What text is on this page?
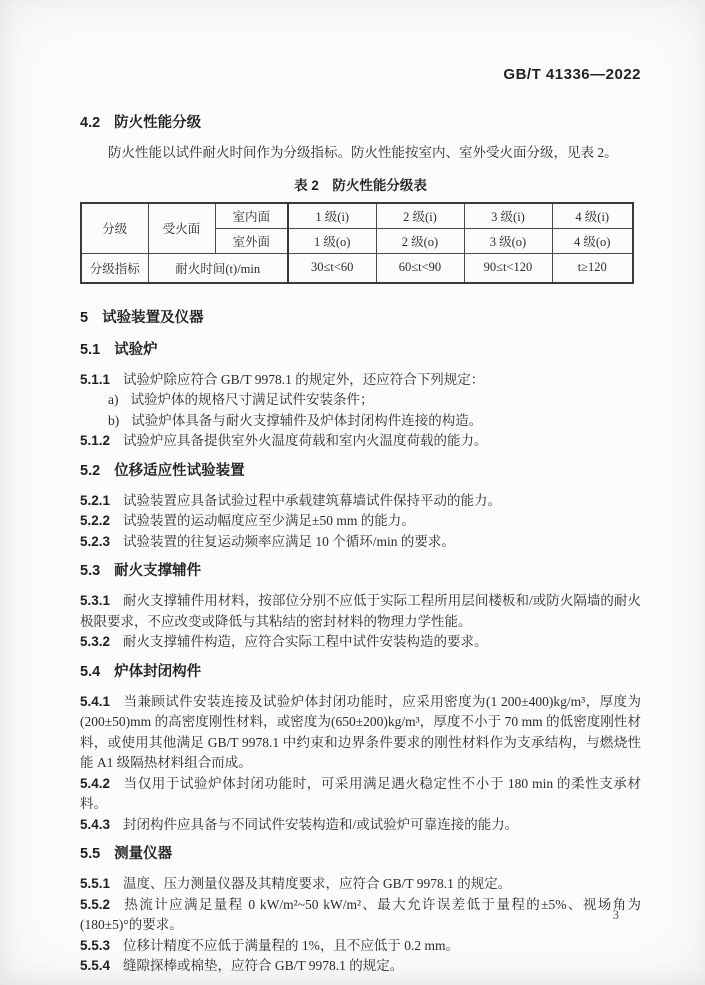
GB/T 41336—2022
4.2 防火性能分级

防火性能以试件耐火时间作为分级指标。防火性能按室内、室外受火面分级，见表 2。

表 2　防火性能分级表
分级	受火面	室内面	1 级(i)	2 级(i)	3 级(i)	4 级(i)
		室外面	1 级(o)	2 级(o)	3 级(o)	4 级(o)
分级指标	耐火时间(t)/min		30≤t<60	60≤t<90	90≤t<120	t≥120
5 试验装置及仪器
5.1 试验炉

5.1.1 试验炉除应符合 GB/T 9978.1 的规定外，还应符合下列规定：

a) 试验炉体的规格尺寸满足试件安装条件；

b) 试验炉体具备与耐火支撑辅件及炉体封闭构件连接的构造。

5.1.2 试验炉应具备提供室外火温度荷载和室内火温度荷载的能力。

5.2 位移适应性试验装置

5.2.1 试验装置应具备试验过程中承载建筑幕墙试件保持平动的能力。

5.2.2 试验装置的运动幅度应至少满足±50 mm 的能力。

5.2.3 试验装置的往复运动频率应满足 10 个循环/min 的要求。

5.3 耐火支撑辅件

5.3.1 耐火支撑辅件用材料，按部位分别不应低于实际工程所用层间楼板和/或防火隔墙的耐火极限要求，不应改变或降低与其粘结的密封材料的物理力学性能。

5.3.2 耐火支撑辅件构造，应符合实际工程中试件安装构造的要求。

5.4 炉体封闭构件

5.4.1 当兼顾试件安装连接及试验炉体封闭功能时，应采用密度为(1 200±400)kg/m³，厚度为(200±50)mm 的高密度刚性材料，或密度为(650±200)kg/m³，厚度不小于 70 mm 的低密度刚性材料，或使用其他满足 GB/T 9978.1 中约束和边界条件要求的刚性材料作为支承结构，与燃烧性能 A1 级隔热材料组合而成。

5.4.2 当仅用于试验炉体封闭功能时，可采用满足遇火稳定性不小于 180 min 的柔性支承材料。

5.4.3 封闭构件应具备与不同试件安装构造和/或试验炉可靠连接的能力。

5.5 测量仪器

5.5.1 温度、压力测量仪器及其精度要求，应符合 GB/T 9978.1 的规定。

5.5.2 热流计应满足量程 0 kW/m²~50 kW/m²、最大允许误差低于量程的±5%、视场角为(180±5)°的要求。

5.5.3 位移计精度不应低于满量程的 1%，且不应低于 0.2 mm。

5.5.4 缝隙探棒或棉垫，应符合 GB/T 9978.1 的规定。

3
